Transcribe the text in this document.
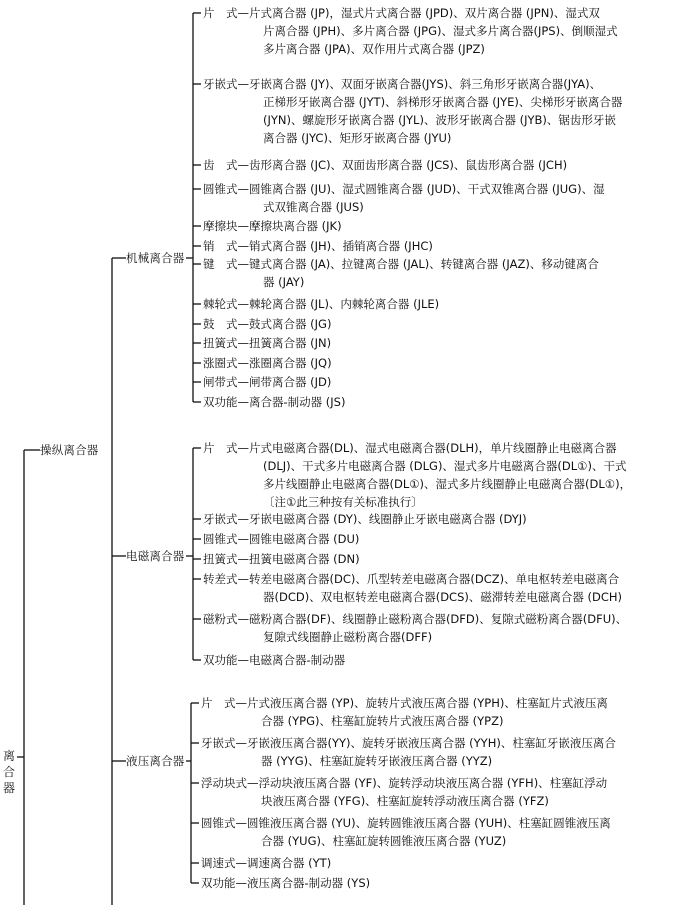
离合器
操纵离合器
机械离合器
片　式—片式离合器 (JP)，湿式片式离合器 (JPD)、双片离合器 (JPN)、湿式双
片离合器 (JPH)、多片离合器 (JPG)、湿式多片离合器(JPS)、倒顺湿式
多片离合器 (JPA)、双作用片式离合器 (JPZ)
牙嵌式—牙嵌离合器 (JY)、双面牙嵌离合器(JYS)、斜三角形牙嵌离合器(JYA)、
正梯形牙嵌离合器 (JYT)、斜梯形牙嵌离合器 (JYE)、尖梯形牙嵌离合器
(JYN)、螺旋形牙嵌离合器 (JYL)、波形牙嵌离合器 (JYB)、锯齿形牙嵌
离合器 (JYC)、矩形牙嵌离合器 (JYU)
齿　式—齿形离合器 (JC)、双面齿形离合器 (JCS)、鼠齿形离合器 (JCH)
圆锥式—圆锥离合器 (JU)、湿式圆锥离合器 (JUD)、干式双锥离合器 (JUG)、湿
式双锥离合器 (JUS)
摩擦块—摩擦块离合器 (JK)
销　式—销式离合器 (JH)、插销离合器 (JHC)
键　式—键式离合器 (JA)、拉键离合器 (JAL)、转键离合器 (JAZ)、移动键离合
器 (JAY)
棘轮式—棘轮离合器 (JL)、内棘轮离合器 (JLE)
鼓　式—鼓式离合器 (JG)
扭簧式—扭簧离合器 (JN)
涨圈式—涨圈离合器 (JQ)
闸带式—闸带离合器 (JD)
双功能—离合器-制动器 (JS)
电磁离合器
片　式—片式电磁离合器(DL)、湿式电磁离合器(DLH)，单片线圈静止电磁离合器
(DLJ)、干式多片电磁离合器 (DLG)、湿式多片电磁离合器(DL①)、干式
多片线圈静止电磁离合器(DL①)、湿式多片线圈静止电磁离合器(DL①)，
〔注①此三种按有关标准执行〕
牙嵌式—牙嵌电磁离合器 (DY)、线圈静止牙嵌电磁离合器 (DYJ)
圆锥式—圆锥电磁离合器 (DU)
扭簧式—扭簧电磁离合器 (DN)
转差式—转差电磁离合器(DC)、爪型转差电磁离合器(DCZ)、单电枢转差电磁离合
器(DCD)、双电枢转差电磁离合器(DCS)、磁滞转差电磁离合器 (DCH)
磁粉式—磁粉离合器(DF)、线圈静止磁粉离合器(DFD)、复隙式磁粉离合器(DFU)、
复隙式线圈静止磁粉离合器(DFF)
双功能—电磁离合器-制动器
液压离合器
片　式—片式液压离合器 (YP)、旋转片式液压离合器 (YPH)、柱塞缸片式液压离
合器 (YPG)、柱塞缸旋转片式液压离合器 (YPZ)
牙嵌式—牙嵌液压离合器(YY)、旋转牙嵌液压离合器 (YYH)、柱塞缸牙嵌液压离合
器 (YYG)、柱塞缸旋转牙嵌液压离合器 (YYZ)
浮动块式—浮动块液压离合器 (YF)、旋转浮动块液压离合器 (YFH)、柱塞缸浮动
块液压离合器 (YFG)、柱塞缸旋转浮动液压离合器 (YFZ)
圆锥式—圆锥液压离合器 (YU)、旋转圆锥液压离合器 (YUH)、柱塞缸圆锥液压离
合器 (YUG)、柱塞缸旋转圆锥液压离合器 (YUZ)
调速式—调速离合器 (YT)
双功能—液压离合器-制动器 (YS)
